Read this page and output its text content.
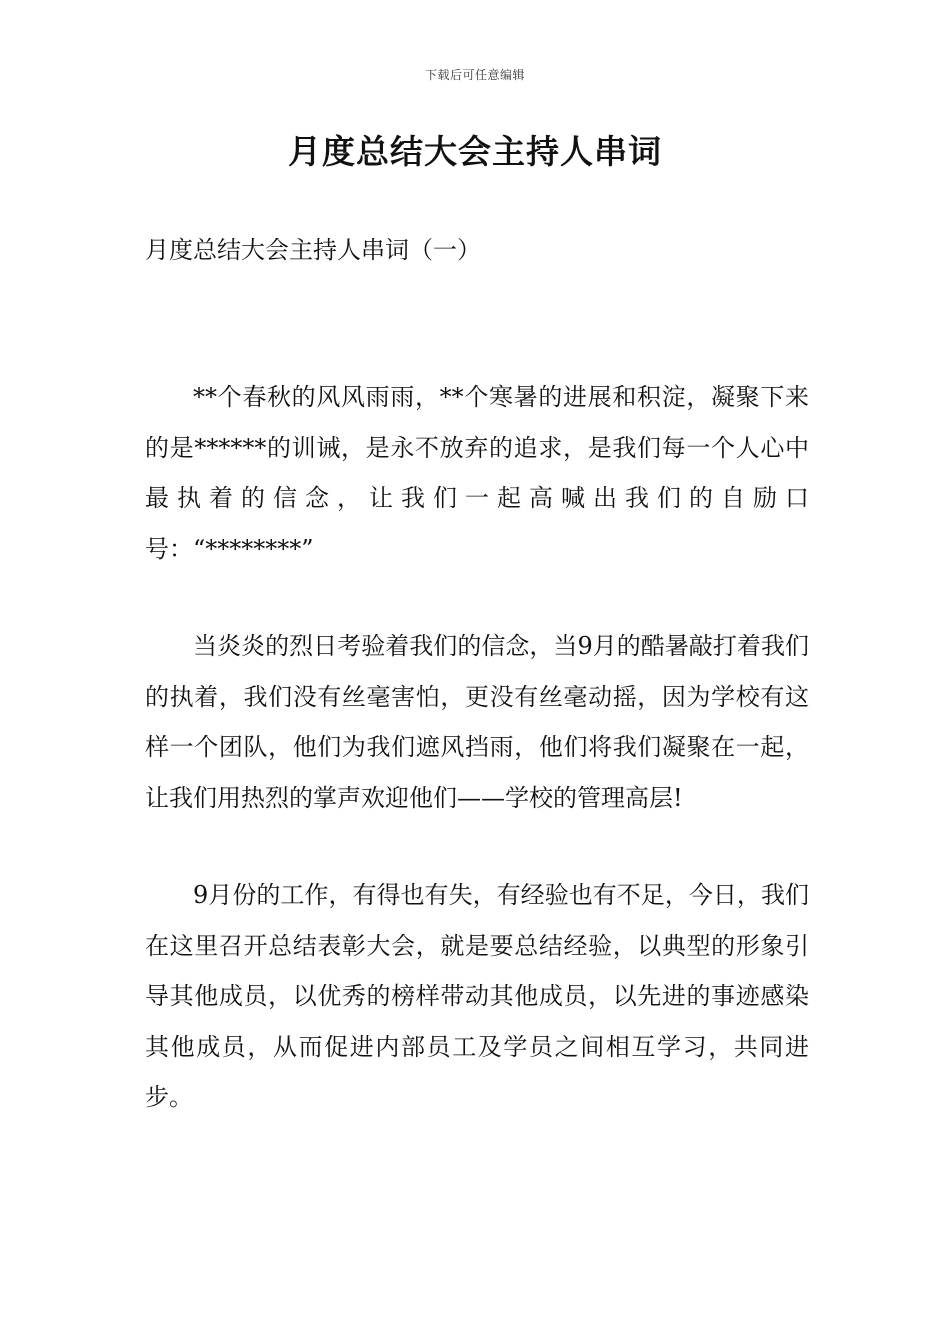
下载后可任意编辑
月度总结大会主持人串词
月度总结大会主持人串词（一）

**个春秋的风风雨雨，**个寒暑的进展和积淀，凝聚下来的是******的训诫，是永不放弃的追求，是我们每一个人心中最执着的信念，让我们一起高喊出我们的自励口号：“********”

当炎炎的烈日考验着我们的信念，当9月的酷暑敲打着我们的执着，我们没有丝毫害怕，更没有丝毫动摇，因为学校有这样一个团队，他们为我们遮风挡雨，他们将我们凝聚在一起，让我们用热烈的掌声欢迎他们——学校的管理高层!

9月份的工作，有得也有失，有经验也有不足，今日，我们在这里召开总结表彰大会，就是要总结经验，以典型的形象引导其他成员，以优秀的榜样带动其他成员，以先进的事迹感染其他成员，从而促进内部员工及学员之间相互学习，共同进步。
